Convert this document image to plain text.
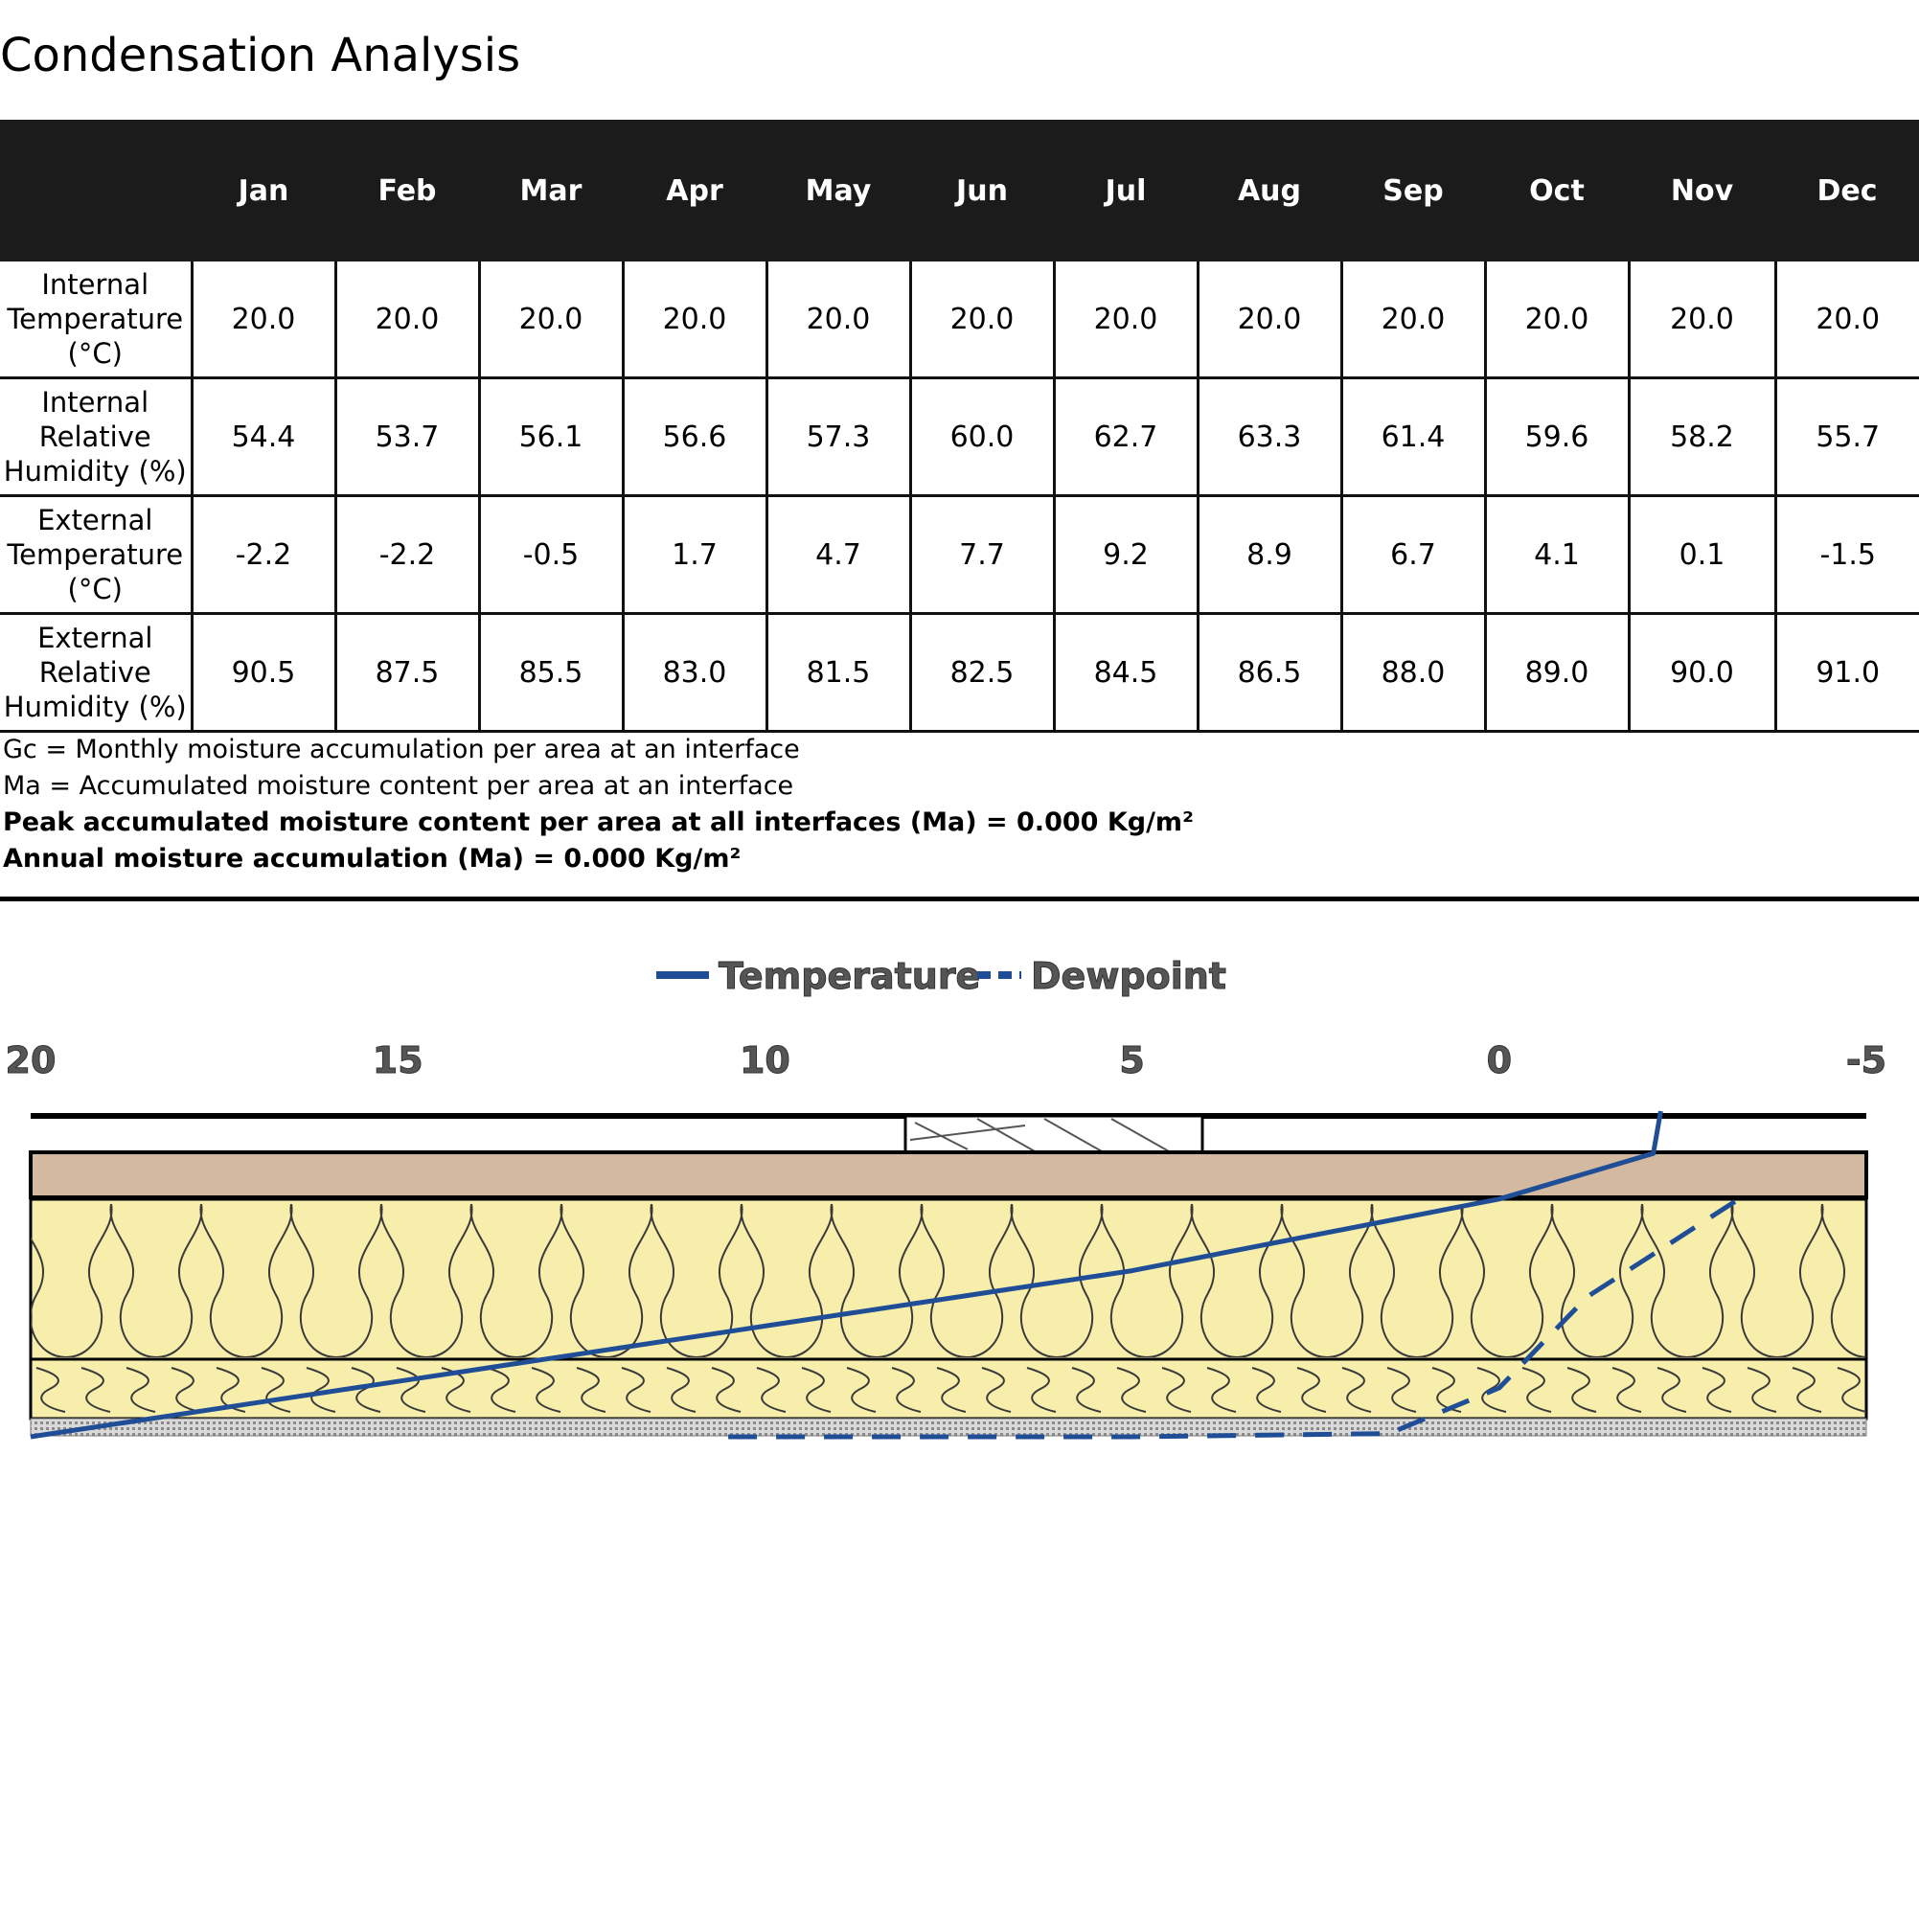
Condensation Analysis
	Jan	Feb	Mar	Apr	May	Jun	Jul	Aug	Sep	Oct	Nov	Dec

Internal
Temperature
(°C)	20.0	20.0	20.0	20.0	20.0	20.0	20.0	20.0	20.0	20.0	20.0	20.0

Internal
Relative
Humidity (%)	54.4	53.7	56.1	56.6	57.3	60.0	62.7	63.3	61.4	59.6	58.2	55.7

External
Temperature
(°C)	-2.2	-2.2	-0.5	1.7	4.7	7.7	9.2	8.9	6.7	4.1	0.1	-1.5

External
Relative
Humidity (%)	90.5	87.5	85.5	83.0	81.5	82.5	84.5	86.5	88.0	89.0	90.0	91.0
Gc = Monthly moisture accumulation per area at an interface
Ma = Accumulated moisture content per area at an interface
Peak accumulated moisture content per area at all interfaces (Ma) = 0.000 Kg/m²
Annual moisture accumulation (Ma) = 0.000 Kg/m²
Temperature Dewpoint
20	15	10	5	0	-5
